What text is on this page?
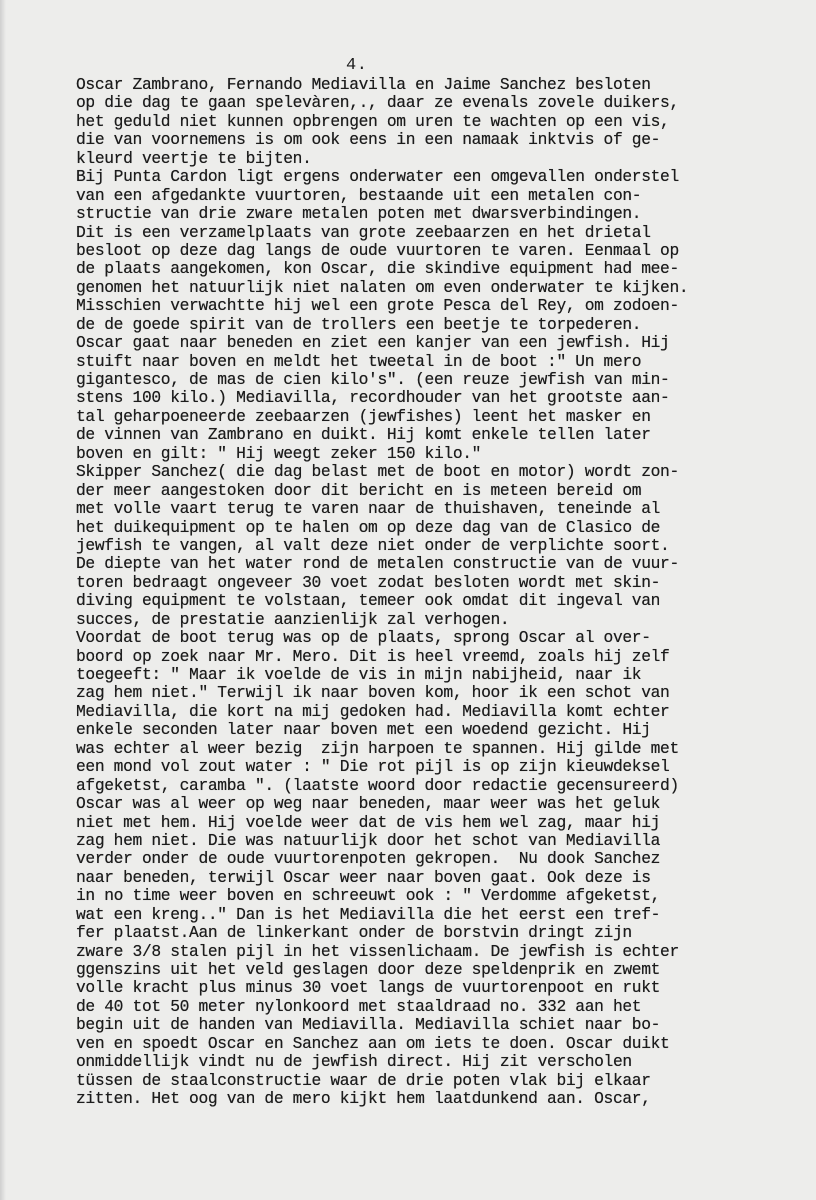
4.
Oscar Zambrano, Fernando Mediavilla en Jaime Sanchez besloten
op die dag te gaan spelevàren,., daar ze evenals zovele duikers,
het geduld niet kunnen opbrengen om uren te wachten op een vis,
die van voornemens is om ook eens in een namaak inktvis of ge-
kleurd veertje te bijten.
Bij Punta Cardon ligt ergens onderwater een omgevallen onderstel
van een afgedankte vuurtoren, bestaande uit een metalen con-
structie van drie zware metalen poten met dwarsverbindingen.
Dit is een verzamelplaats van grote zeebaarzen en het drietal
besloot op deze dag langs de oude vuurtoren te varen. Eenmaal op
de plaats aangekomen, kon Oscar, die skindive equipment had mee-
genomen het natuurlijk niet nalaten om even onderwater te kijken.
Misschien verwachtte hij wel een grote Pesca del Rey, om zodoen-
de de goede spirit van de trollers een beetje te torpederen.
Oscar gaat naar beneden en ziet een kanjer van een jewfish. Hij
stuift naar boven en meldt het tweetal in de boot :" Un mero
gigantesco, de mas de cien kilo's". (een reuze jewfish van min-
stens 100 kilo.) Mediavilla, recordhouder van het grootste aan-
tal geharpoeneerde zeebaarzen (jewfishes) leent het masker en
de vinnen van Zambrano en duikt. Hij komt enkele tellen later
boven en gilt: " Hij weegt zeker 150 kilo."
Skipper Sanchez( die dag belast met de boot en motor) wordt zon-
der meer aangestoken door dit bericht en is meteen bereid om
met volle vaart terug te varen naar de thuishaven, teneinde al
het duikequipment op te halen om op deze dag van de Clasico de
jewfish te vangen, al valt deze niet onder de verplichte soort.
De diepte van het water rond de metalen constructie van de vuur-
toren bedraagt ongeveer 30 voet zodat besloten wordt met skin-
diving equipment te volstaan, temeer ook omdat dit ingeval van
succes, de prestatie aanzienlijk zal verhogen.
Voordat de boot terug was op de plaats, sprong Oscar al over-
boord op zoek naar Mr. Mero. Dit is heel vreemd, zoals hij zelf
toegeeft: " Maar ik voelde de vis in mijn nabijheid, naar ik
zag hem niet." Terwijl ik naar boven kom, hoor ik een schot van
Mediavilla, die kort na mij gedoken had. Mediavilla komt echter
enkele seconden later naar boven met een woedend gezicht. Hij
was echter al weer bezig  zijn harpoen te spannen. Hij gilde met
een mond vol zout water : " Die rot pijl is op zijn kieuwdeksel
afgeketst, caramba ". (laatste woord door redactie gecensureerd)
Oscar was al weer op weg naar beneden, maar weer was het geluk
niet met hem. Hij voelde weer dat de vis hem wel zag, maar hij
zag hem niet. Die was natuurlijk door het schot van Mediavilla
verder onder de oude vuurtorenpoten gekropen.  Nu dook Sanchez
naar beneden, terwijl Oscar weer naar boven gaat. Ook deze is
in no time weer boven en schreeuwt ook : " Verdomme afgeketst,
wat een kreng.." Dan is het Mediavilla die het eerst een tref-
fer plaatst.Aan de linkerkant onder de borstvin dringt zijn
zware 3/8 stalen pijl in het vissenlichaam. De jewfish is echter
ggenszins uit het veld geslagen door deze speldenprik en zwemt
volle kracht plus minus 30 voet langs de vuurtorenpoot en rukt
de 40 tot 50 meter nylonkoord met staaldraad no. 332 aan het
begin uit de handen van Mediavilla. Mediavilla schiet naar bo-
ven en spoedt Oscar en Sanchez aan om iets te doen. Oscar duikt
onmiddellijk vindt nu de jewfish direct. Hij zit verscholen
tüssen de staalconstructie waar de drie poten vlak bij elkaar
zitten. Het oog van de mero kijkt hem laatdunkend aan. Oscar,
